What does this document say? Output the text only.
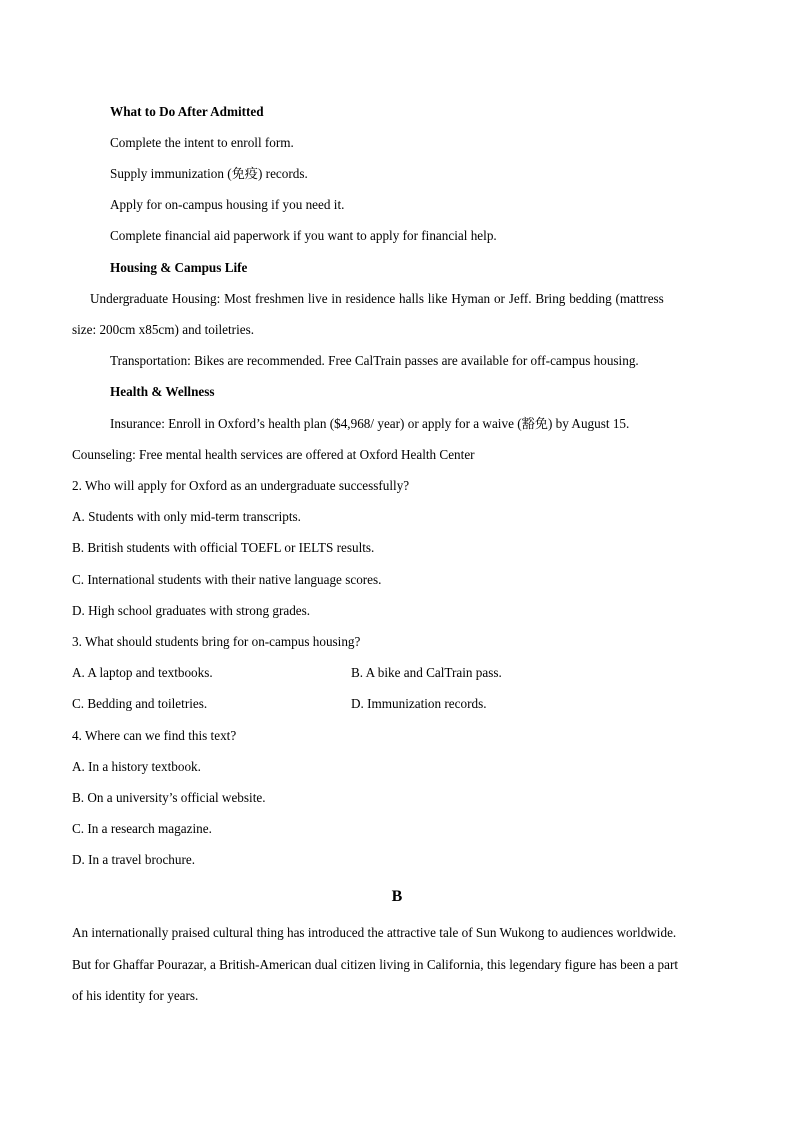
What to Do After Admitted
Complete the intent to enroll form.
Supply immunization (免疫) records.
Apply for on-campus housing if you need it.
Complete financial aid paperwork if you want to apply for financial help.
Housing & Campus Life
Undergraduate Housing: Most freshmen live in residence halls like Hyman or Jeff. Bring bedding (mattress
size: 200cm x85cm) and toiletries.
Transportation: Bikes are recommended. Free CalTrain passes are available for off-campus housing.
Health & Wellness
Insurance: Enroll in Oxford’s health plan ($4,968/ year) or apply for a waive (豁免) by August 15.
Counseling: Free mental health services are offered at Oxford Health Center
2. Who will apply for Oxford as an undergraduate successfully?
A. Students with only mid-term transcripts.
B. British students with official TOEFL or IELTS results.
C. International students with their native language scores.
D. High school graduates with strong grades.
3. What should students bring for on-campus housing?
A. A laptop and textbooks.	B. A bike and CalTrain pass.
C. Bedding and toiletries.	D. Immunization records.
4. Where can we find this text?
A. In a history textbook.
B. On a university’s official website.
C. In a research magazine.
D. In a travel brochure.
B
An internationally praised cultural thing has introduced the attractive tale of Sun Wukong to audiences worldwide.
But for Ghaffar Pourazar, a British-American dual citizen living in California, this legendary figure has been a part
of his identity for years.
